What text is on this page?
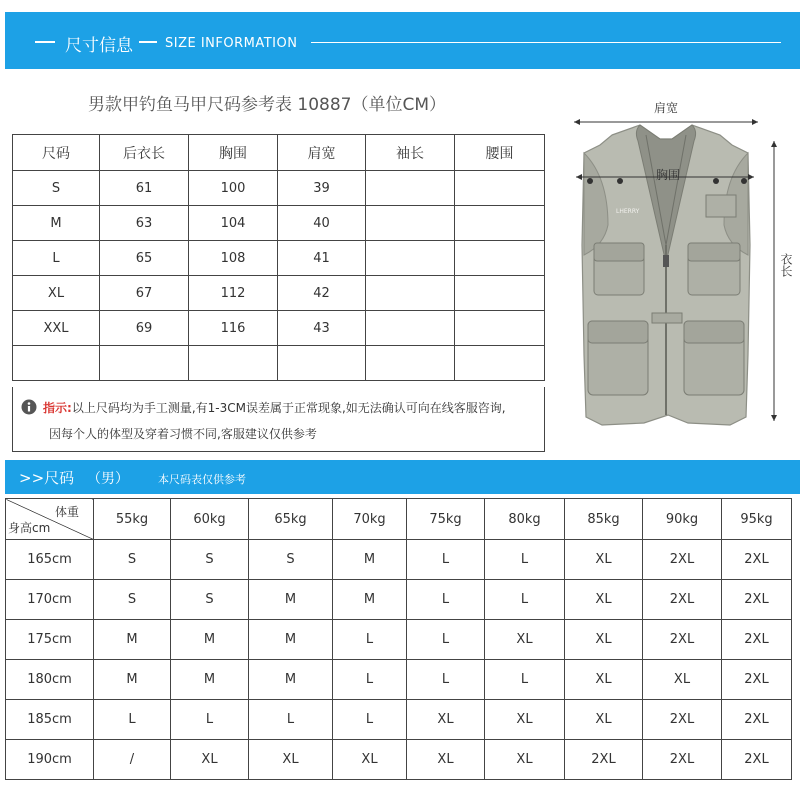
尺寸信息 SIZE INFORMATION
男款甲钓鱼马甲尺码参考表 10887（单位CM）
尺码	后衣长	胸围	肩宽	袖长	腰围
S	61	100	39		
M	63	104	40		
L	65	108	41		
XL	67	112	42		
XXL	69	116	43		

指示:以上尺码均为手工测量,有1-3CM误差属于正常现象,如无法确认可向在线客服咨询,
因每个人的体型及穿着习惯不同,客服建议仅供参考
肩宽
LHERRY
胸围
衣长
>>尺码 （男）	本尺码表仅供参考
体重
身高cm	55kg	60kg	65kg	70kg	75kg	80kg	85kg	90kg	95kg
165cm	S	S	S	M	L	L	XL	2XL	2XL
170cm	S	S	M	M	L	L	XL	2XL	2XL
175cm	M	M	M	L	L	XL	XL	2XL	2XL
180cm	M	M	M	L	L	L	XL	XL	2XL
185cm	L	L	L	L	XL	XL	XL	2XL	2XL
190cm	/	XL	XL	XL	XL	XL	2XL	2XL	2XL
